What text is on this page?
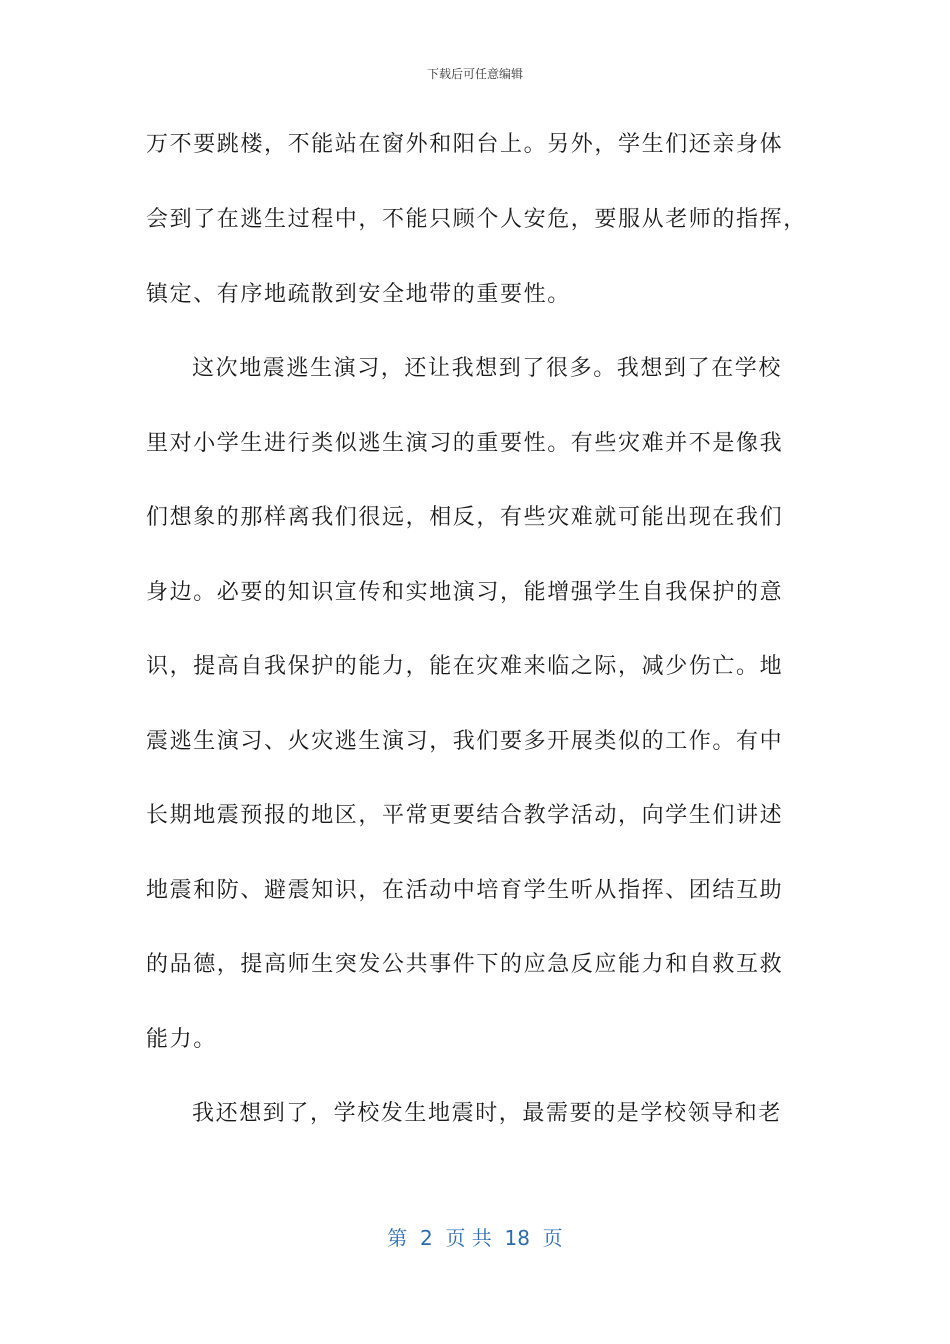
下载后可任意编辑
万不要跳楼，不能站在窗外和阳台上。另外，学生们还亲身体
会到了在逃生过程中，不能只顾个人安危，要服从老师的指挥，
镇定、有序地疏散到安全地带的重要性。
这次地震逃生演习，还让我想到了很多。我想到了在学校
里对小学生进行类似逃生演习的重要性。有些灾难并不是像我
们想象的那样离我们很远，相反，有些灾难就可能出现在我们
身边。必要的知识宣传和实地演习，能增强学生自我保护的意
识，提高自我保护的能力，能在灾难来临之际，减少伤亡。地
震逃生演习、火灾逃生演习，我们要多开展类似的工作。有中
长期地震预报的地区，平常更要结合教学活动，向学生们讲述
地震和防、避震知识，在活动中培育学生听从指挥、团结互助
的品德，提高师生突发公共事件下的应急反应能力和自救互救
能力。
我还想到了，学校发生地震时，最需要的是学校领导和老
第  2  页 共  18  页
